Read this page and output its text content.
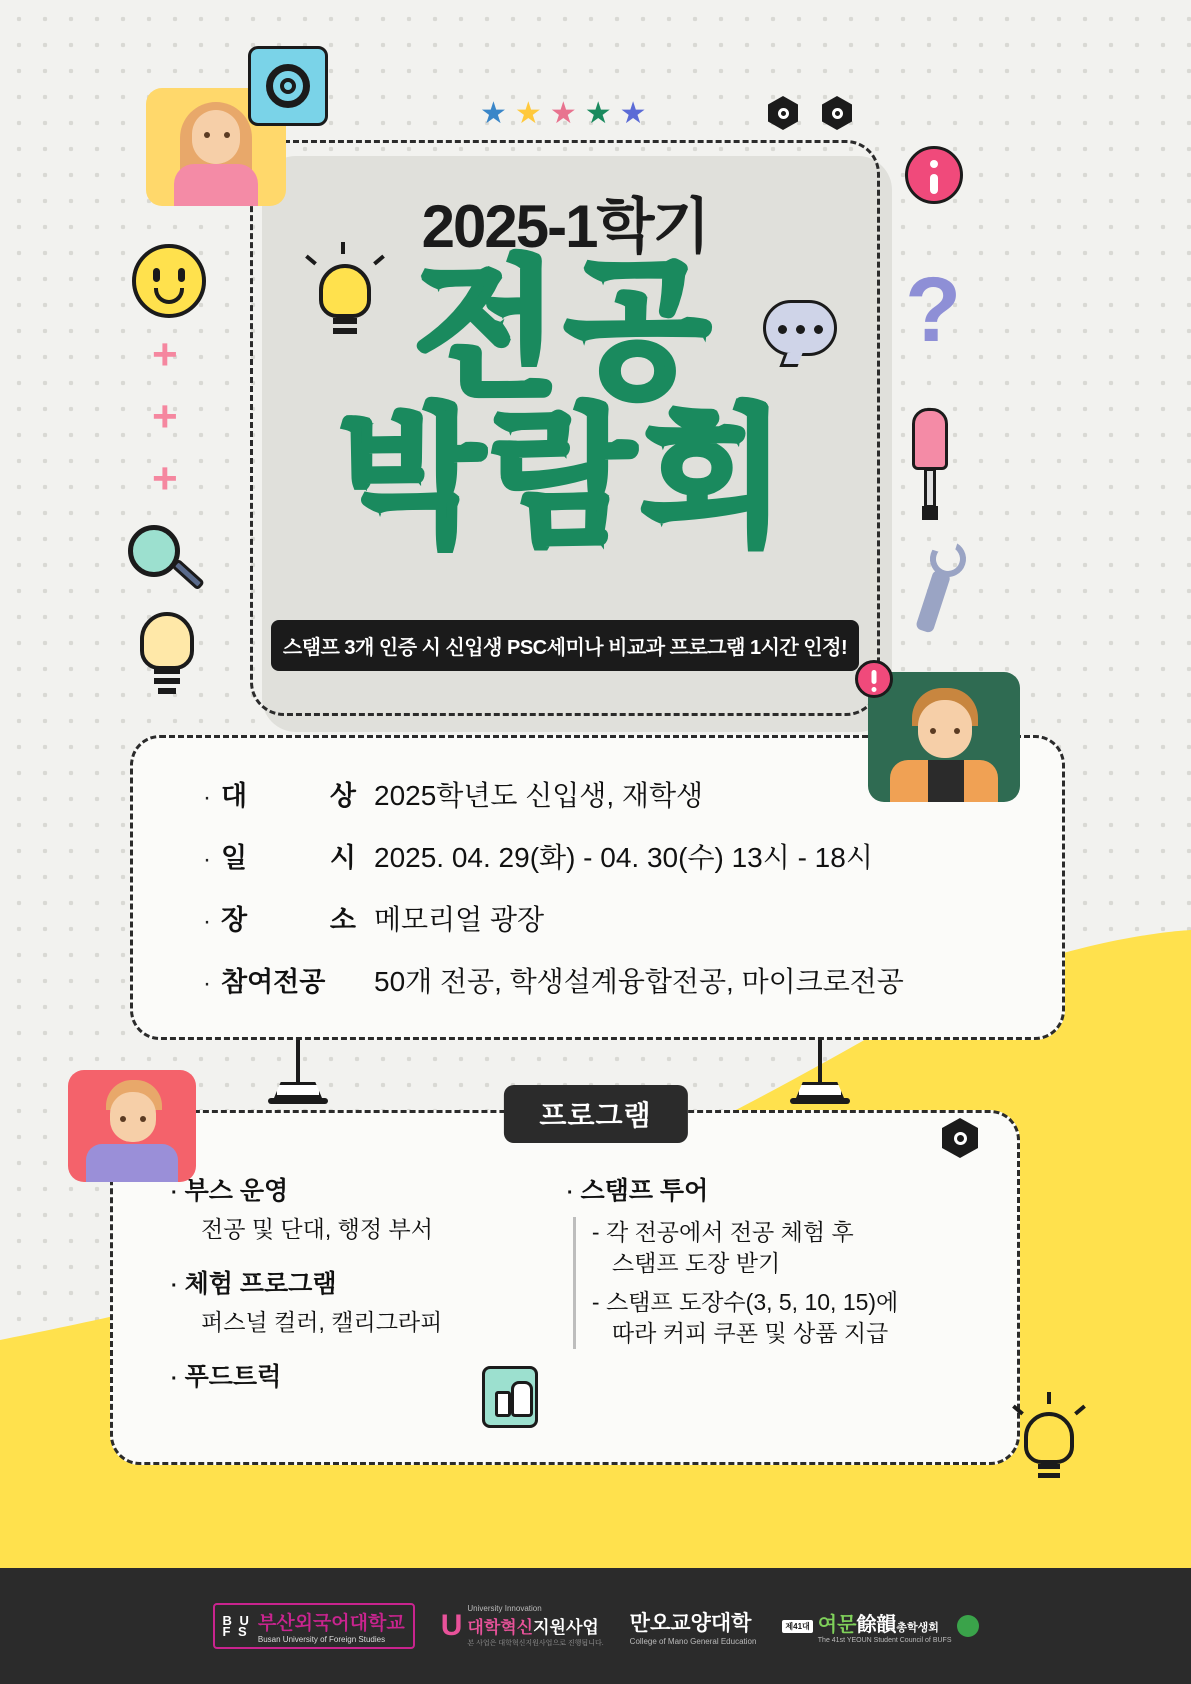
+
+
+
★★★★★
?
2025-1학기
전공
박람회
스탬프 3개 인증 시 신입생 PSC세미나 비교과 프로그램 1시간 인정!
· 대	상 2025학년도 신입생, 재학생
· 일	시 2025. 04. 29(화) - 04. 30(수) 13시 - 18시
· 장	소 메모리얼 광장
· 참여전공	50개 전공, 학생설계융합전공, 마이크로전공
· 부스 운영
전공 및 단대, 행정 부서
· 체험 프로그램
퍼스널 컬러, 캘리그라피
· 푸드트럭
· 스탬프 투어
- 각 전공에서 전공 체험 후
스탬프 도장 받기
- 스탬프 도장수(3, 5, 10, 15)에
따라 커피 쿠폰 및 상품 지급
프로그램
B U
F S 부산외국어대학교
Busan University of Foreign Studies	U
University Innovation
대학혁신지원사업
본 사업은 대학혁신지원사업으로 진행됩니다.
만오교양대학
College of Mano General Education
제41대 여문餘韻총학생회
The 41st YEOUN Student Council of BUFS
